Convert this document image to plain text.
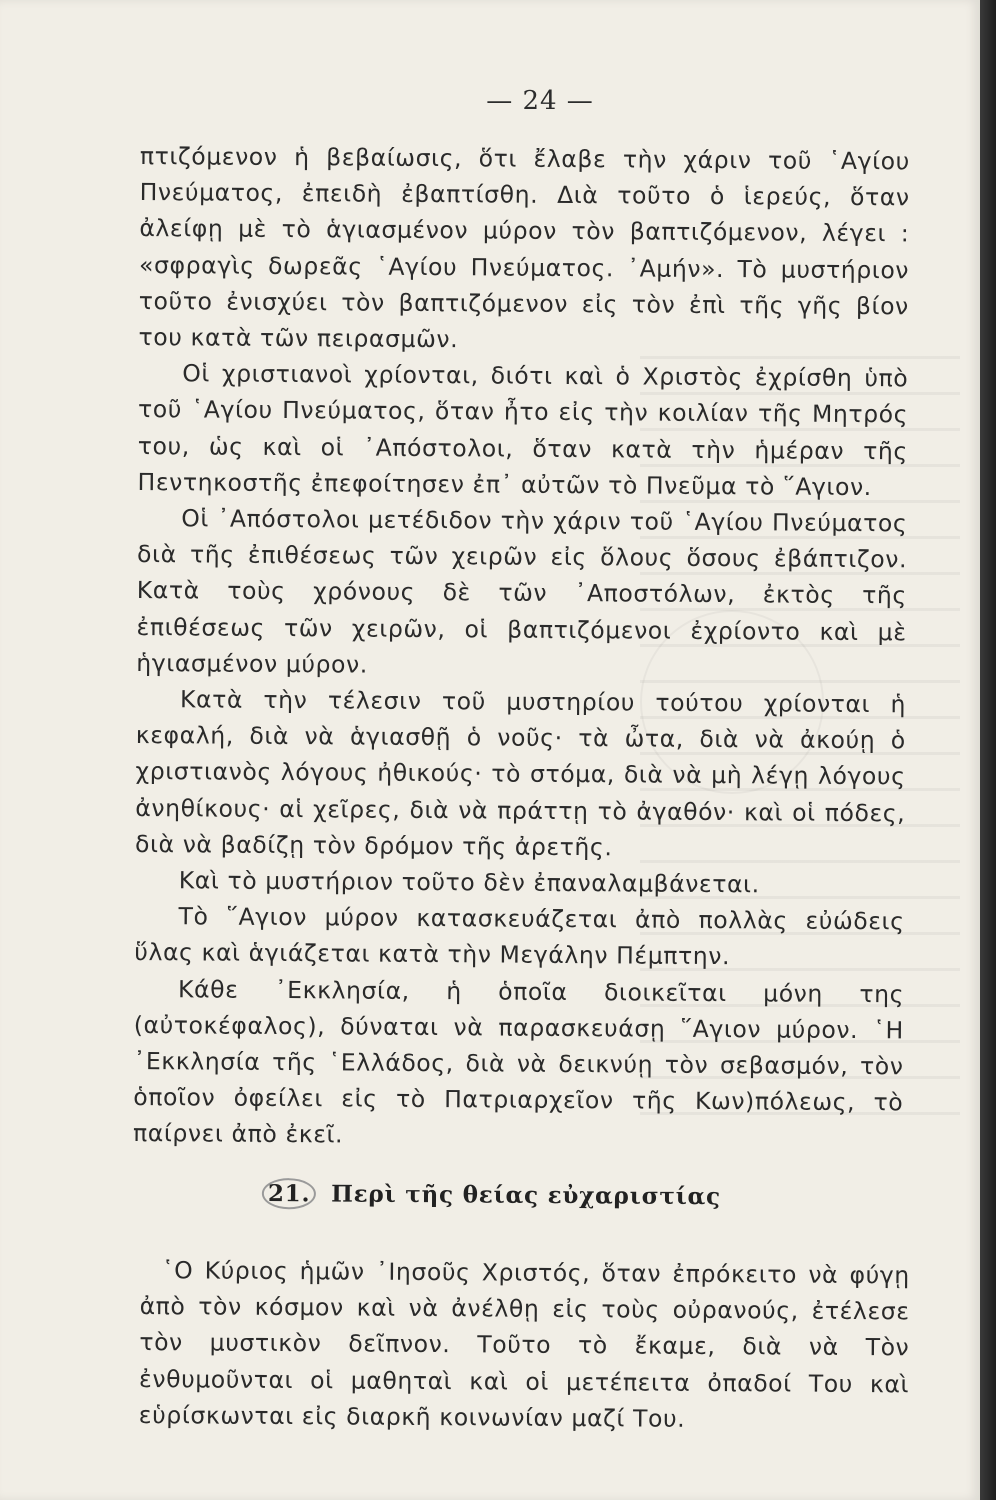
— 24 —

πτιζόμενον ἡ βεβαίωσις, ὅτι ἔλαβε τὴν χάριν τοῦ ῾Αγίου Πνεύματος, ἐπειδὴ ἐβαπτίσθη. Διὰ τοῦτο ὁ ἱερεύς, ὅταν ἀλείφῃ μὲ τὸ ἁγιασμένον μύρον τὸν βαπτιζόμενον, λέγει : «σφραγὶς δωρεᾶς ῾Αγίου Πνεύματος. ᾿Αμήν». Τὸ μυστήριον τοῦτο ἐνισχύει τὸν βαπτιζόμενον εἰς τὸν ἐπὶ τῆς γῆς βίον του κατὰ τῶν πειρασμῶν.

Οἱ χριστιανοὶ χρίονται, διότι καὶ ὁ Χριστὸς ἐχρίσθη ὑπὸ τοῦ ῾Αγίου Πνεύματος, ὅταν ἦτο εἰς τὴν κοιλίαν τῆς Μητρός του, ὡς καὶ οἱ ᾿Απόστολοι, ὅταν κατὰ τὴν ἡμέραν τῆς Πεντηκοστῆς ἐπεφοίτησεν ἐπ᾿ αὐτῶν τὸ Πνεῦμα τὸ ῞Αγιον.

Οἱ ᾿Απόστολοι μετέδιδον τὴν χάριν τοῦ ῾Αγίου Πνεύματος διὰ τῆς ἐπιθέσεως τῶν χειρῶν εἰς ὅλους ὅσους ἐβάπτιζον. Κατὰ τοὺς χρόνους δὲ τῶν ᾿Αποστόλων, ἐκτὸς τῆς ἐπιθέσεως τῶν χειρῶν, οἱ βαπτιζόμενοι ἐχρίοντο καὶ μὲ ἡγιασμένον μύρον.

Κατὰ τὴν τέλεσιν τοῦ μυστηρίου τούτου χρίονται ἡ κεφαλή, διὰ νὰ ἁγιασθῇ ὁ νοῦς· τὰ ὦτα, διὰ νὰ ἀκούῃ ὁ χριστιανὸς λόγους ἠθικούς· τὸ στόμα, διὰ νὰ μὴ λέγῃ λόγους ἀνηθίκους· αἱ χεῖρες, διὰ νὰ πράττῃ τὸ ἀγαθόν· καὶ οἱ πόδες, διὰ νὰ βαδίζῃ τὸν δρόμον τῆς ἀρετῆς.

Καὶ τὸ μυστήριον τοῦτο δὲν ἐπαναλαμβάνεται.

Τὸ ῞Αγιον μύρον κατασκευάζεται ἀπὸ πολλὰς εὐώδεις ὕλας καὶ ἁγιάζεται κατὰ τὴν Μεγάλην Πέμπτην.

Κάθε ᾿Εκκλησία, ἡ ὁποῖα διοικεῖται μόνη της (αὐτοκέφαλος), δύναται νὰ παρασκευάσῃ ῞Αγιον μύρον. ῾Η ᾿Εκκλησία τῆς ῾Ελλάδος, διὰ νὰ δεικνύῃ τὸν σεβασμόν, τὸν ὁποῖον ὀφείλει εἰς τὸ Πατριαρχεῖον τῆς Κων)πόλεως, τὸ παίρνει ἀπὸ ἐκεῖ.

21. Περὶ τῆς θείας εὐχαριστίας

῾Ο Κύριος ἡμῶν ᾿Ιησοῦς Χριστός, ὅταν ἐπρόκειτο νὰ φύγῃ ἀπὸ τὸν κόσμον καὶ νὰ ἀνέλθῃ εἰς τοὺς οὐρανούς, ἐτέλεσε τὸν μυστικὸν δεῖπνον. Τοῦτο τὸ ἔκαμε, διὰ νὰ Τὸν ἐνθυμοῦνται οἱ μαθηταὶ καὶ οἱ μετέπειτα ὀπαδοί Του καὶ εὑρίσκωνται εἰς διαρκῆ κοινωνίαν μαζί Του.
